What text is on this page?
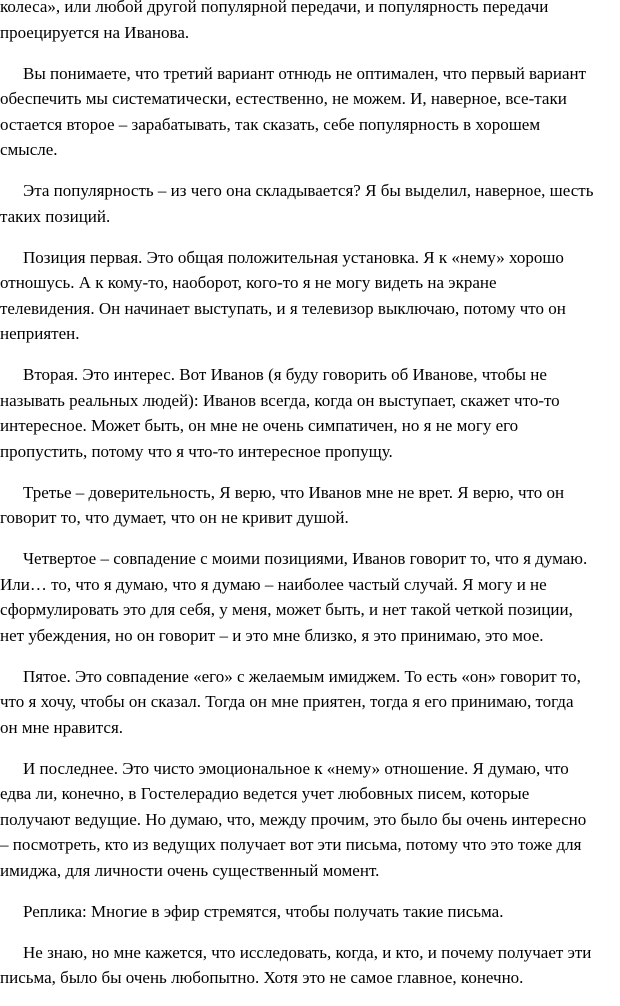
колеса», или любой другой популярной передачи, и популярность передачи
проецируется на Иванова.

Вы понимаете, что третий вариант отнюдь не оптимален, что первый вариант
обеспечить мы систематически, естественно, не можем. И, наверное, все-таки
остается второе – зарабатывать, так сказать, себе популярность в хорошем
смысле.

Эта популярность – из чего она складывается? Я бы выделил, наверное, шесть
таких позиций.

Позиция первая. Это общая положительная установка. Я к «нему» хорошо
отношусь. А к кому-то, наоборот, кого-то я не могу видеть на экране
телевидения. Он начинает выступать, и я телевизор выключаю, потому что он
неприятен.

Вторая. Это интерес. Вот Иванов (я буду говорить об Иванове, чтобы не
называть реальных людей): Иванов всегда, когда он выступает, скажет что-то
интересное. Может быть, он мне не очень симпатичен, но я не могу его
пропустить, потому что я что-то интересное пропущу.

Третье – доверительность, Я верю, что Иванов мне не врет. Я верю, что он
говорит то, что думает, что он не кривит душой.

Четвертое – совпадение с моими позициями, Иванов говорит то, что я думаю.
Или… то, что я думаю, что я думаю – наиболее частый случай. Я могу и не
сформулировать это для себя, у меня, может быть, и нет такой четкой позиции,
нет убеждения, но он говорит – и это мне близко, я это принимаю, это мое.

Пятое. Это совпадение «его» с желаемым имиджем. То есть «он» говорит то,
что я хочу, чтобы он сказал. Тогда он мне приятен, тогда я его принимаю, тогда
он мне нравится.

И последнее. Это чисто эмоциональное к «нему» отношение. Я думаю, что
едва ли, конечно, в Гостелерадио ведется учет любовных писем, которые
получают ведущие. Но думаю, что, между прочим, это было бы очень интересно
– посмотреть, кто из ведущих получает вот эти письма, потому что это тоже для
имиджа, для личности очень существенный момент.

Реплика: Многие в эфир стремятся, чтобы получать такие письма.

Не знаю, но мне кажется, что исследовать, когда, и кто, и почему получает эти
письма, было бы очень любопытно. Хотя это не самое главное, конечно.
